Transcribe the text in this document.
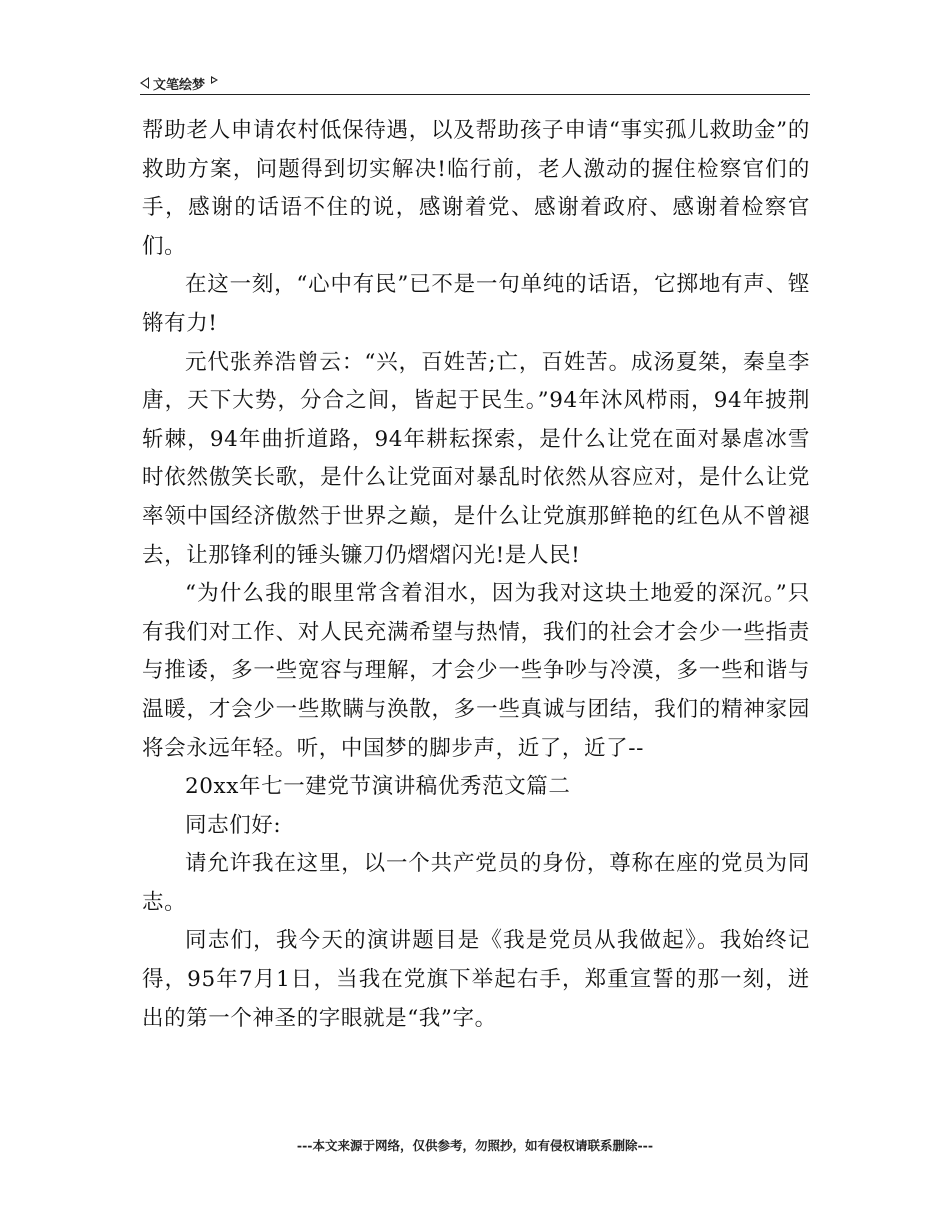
文笔绘梦

帮助老人申请农村低保待遇，以及帮助孩子申请“事实孤儿救助金”的救助方案，问题得到切实解决!临行前，老人激动的握住检察官们的手，感谢的话语不住的说，感谢着党、感谢着政府、感谢着检察官们。

在这一刻，“心中有民”已不是一句单纯的话语，它掷地有声、铿锵有力!

元代张养浩曾云：“兴，百姓苦;亡，百姓苦。成汤夏桀，秦皇李唐，天下大势，分合之间，皆起于民生。”94年沐风栉雨，94年披荆斩棘，94年曲折道路，94年耕耘探索，是什么让党在面对暴虐冰雪时依然傲笑长歌，是什么让党面对暴乱时依然从容应对，是什么让党率领中国经济傲然于世界之巅，是什么让党旗那鲜艳的红色从不曾褪去，让那锋利的锤头镰刀仍熠熠闪光!是人民!

“为什么我的眼里常含着泪水，因为我对这块土地爱的深沉。”只有我们对工作、对人民充满希望与热情，我们的社会才会少一些指责与推诿，多一些宽容与理解，才会少一些争吵与冷漠，多一些和谐与温暖，才会少一些欺瞒与涣散，多一些真诚与团结，我们的精神家园将会永远年轻。听，中国梦的脚步声，近了，近了--

20xx年七一建党节演讲稿优秀范文篇二

同志们好:

请允许我在这里，以一个共产党员的身份，尊称在座的党员为同志。

同志们，我今天的演讲题目是《我是党员从我做起》。我始终记得，95年7月1日，当我在党旗下举起右手，郑重宣誓的那一刻，迸出的第一个神圣的字眼就是“我”字。

---本文来源于网络，仅供参考，勿照抄，如有侵权请联系删除---
